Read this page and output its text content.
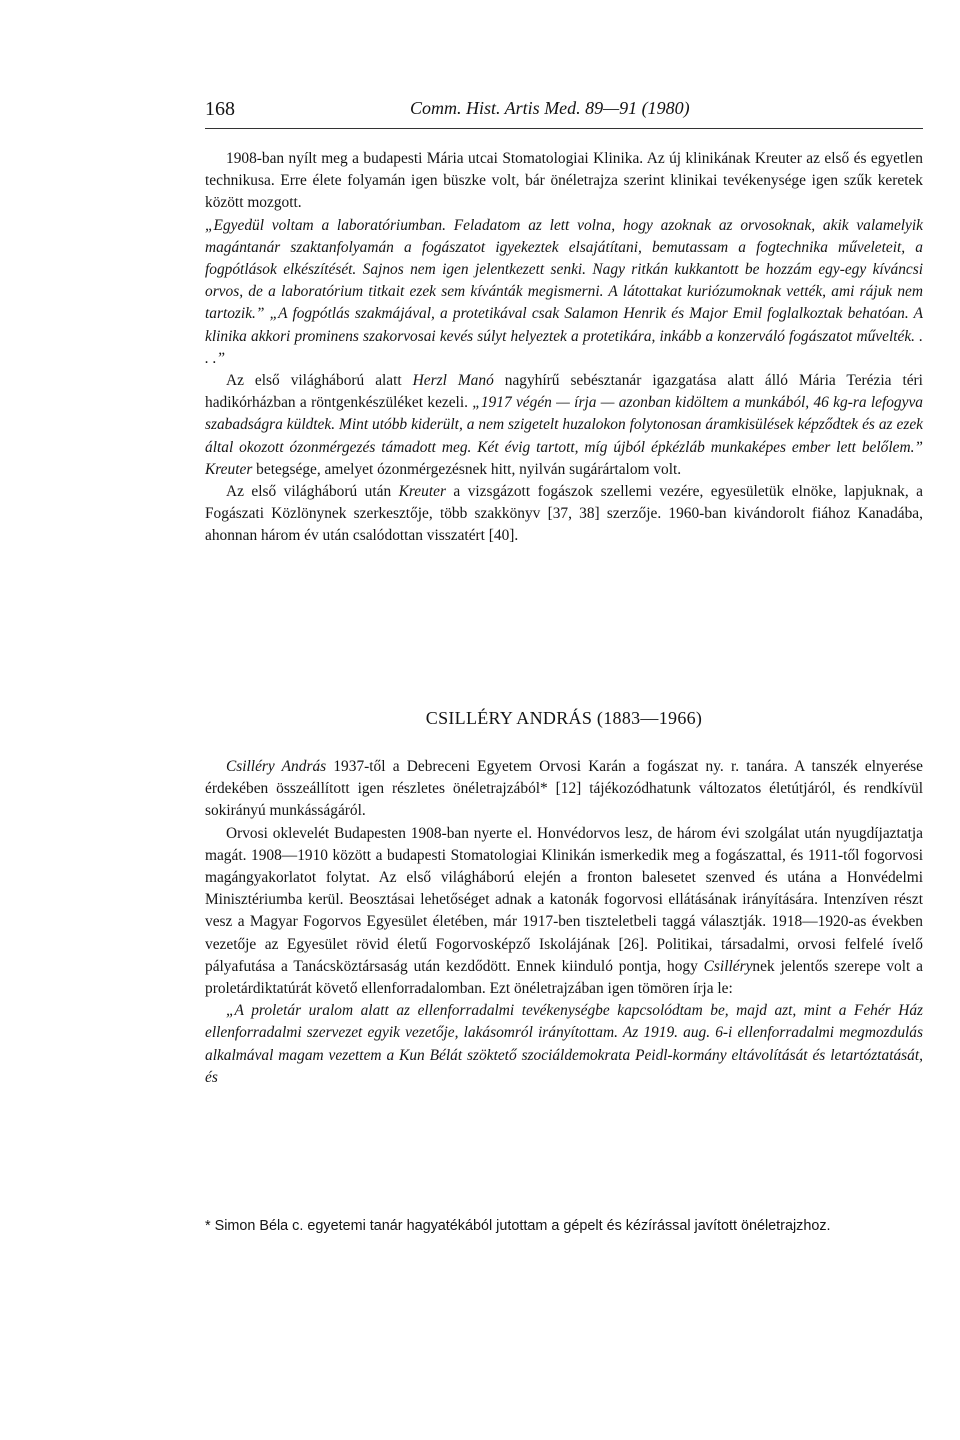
168	Comm. Hist. Artis Med. 89—91 (1980)

1908-ban nyílt meg a budapesti Mária utcai Stomatologiai Klinika. Az új klinikának Kreuter az első és egyetlen technikusa. Erre élete folyamán igen büszke volt, bár önéletrajza szerint klinikai tevékenysége igen szűk keretek között mozgott.
„Egyedül voltam a laboratóriumban. Feladatom az lett volna, hogy azoknak az orvosoknak, akik valamelyik magántanár szaktanfolyamán a fogászatot igyekeztek elsajátítani, bemutassam a fogtechnika műveleteit, a fogpótlások elkészítését. Sajnos nem igen jelentkezett senki. Nagy ritkán kukkantott be hozzám egy-egy kíváncsi orvos, de a laboratórium titkait ezek sem kívánták megismerni. A látottakat kuriózumoknak vették, ami rájuk nem tartozik.” „A fogpótlás szakmájával, a protetikával csak Salamon Henrik és Major Emil foglalkoztak behatóan. A klinika akkori prominens szakorvosai kevés súlyt helyeztek a protetikára, inkább a konzerváló fogászatot művelték. . . .”

Az első világháború alatt Herzl Manó nagyhírű sebésztanár igazgatása alatt álló Mária Terézia téri hadikórházban a röntgenkészüléket kezeli. „1917 végén — írja — azonban kidöltem a munkából, 46 kg-ra lefogyva szabadságra küldtek. Mint utóbb kiderült, a nem szigetelt huzalokon folytonosan áramkisülések képződtek és az ezek által okozott ózonmérgezés támadott meg. Két évig tartott, míg újból épkézláb munkaképes ember lett belőlem.” Kreuter betegsége, amelyet ózonmérgezésnek hitt, nyilván sugárártalom volt.

Az első világháború után Kreuter a vizsgázott fogászok szellemi vezére, egyesületük elnöke, lapjuknak, a Fogászati Közlönynek szerkesztője, több szakkönyv [37, 38] szerzője. 1960-ban kivándorolt fiához Kanadába, ahonnan három év után csalódottan visszatért [40].

CSILLÉRY ANDRÁS (1883—1966)

Csilléry András 1937-től a Debreceni Egyetem Orvosi Karán a fogászat ny. r. tanára. A tanszék elnyerése érdekében összeállított igen részletes önéletrajzából* [12] tájékozódhatunk változatos életútjáról, és rendkívül sokirányú munkásságáról.

Orvosi oklevelét Budapesten 1908-ban nyerte el. Honvédorvos lesz, de három évi szolgálat után nyugdíjaztatja magát. 1908—1910 között a budapesti Stomatologiai Klinikán ismerkedik meg a fogászattal, és 1911-től fogorvosi magángyakorlatot folytat. Az első világháború elején a fronton balesetet szenved és utána a Honvédelmi Minisztériumba kerül. Beosztásai lehetőséget adnak a katonák fogorvosi ellátásának irányítására. Intenzíven részt vesz a Magyar Fogorvos Egyesület életében, már 1917-ben tiszteletbeli taggá választják. 1918—1920-as években vezetője az Egyesület rövid életű Fogorvosképző Iskolájának [26]. Politikai, társadalmi, orvosi felfelé ívelő pályafutása a Tanácsköztársaság után kezdődött. Ennek kiinduló pontja, hogy Csillérynek jelentős szerepe volt a proletárdiktatúrát követő ellenforradalomban. Ezt önéletrajzában igen tömören írja le:

„A proletár uralom alatt az ellenforradalmi tevékenységbe kapcsolódtam be, majd azt, mint a Fehér Ház ellenforradalmi szervezet egyik vezetője, lakásomról irányítottam. Az 1919. aug. 6-i ellenforradalmi megmozdulás alkalmával magam vezettem a Kun Bélát szöktető szociáldemokrata Peidl-kormány eltávolítását és letartóztatását, és

* Simon Béla c. egyetemi tanár hagyatékából jutottam a gépelt és kézírással javított önéletrajzhoz.
